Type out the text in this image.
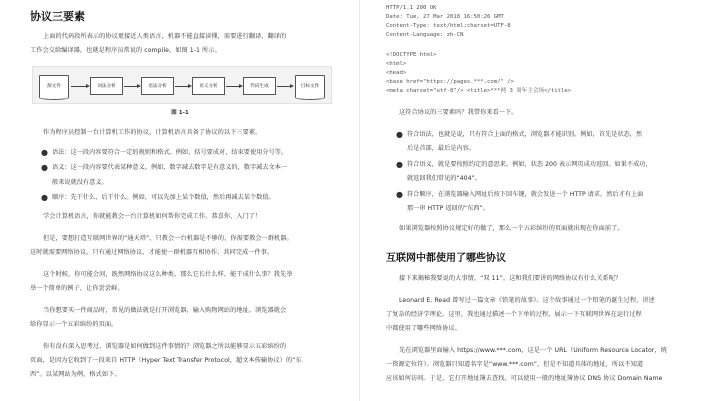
协议三要素
上面的代码段所表示的协议更接近人类语言，机器不能直接读懂，需要进行翻译，翻译的
工作会交给编译器，也就是程序员常说的 compile，如图 1-1 所示。
源文件	词法分析	语法分析	语义分析	代码生成	目标文件
图 1-1
作为程序员控制一台计算机工作的协议，计算机语言具备了协议的以下三要素。
● 语法：这一段内容要符合一定的规则和格式。例如，括号要成对，结束要使用分号等。
● 语义：这一段内容要代表某种意义。例如，数字减去数字是有意义的，数字减去文本一
般来说就没有意义。
● 顺序：先干什么、后干什么。例如，可以先加上某个数值，然后再减去某个数值。
学会计算机语言，你就能教会一台计算机如何帮你完成工作。恭喜你，入门了！
但是，要想打造互联网世界的“通天塔”，只教会一台机器是不够的，你需要教会一群机器。
这时就需要网络协议。只有通过网络协议，才能使一群机器互相协作、共同完成一件事。
这个时候，你可能会问，既然网络协议这么种类，那么它长什么样，能干成什么事？我先举
举一个简单的例子，让你尝尝鲜。
当你想要买一件商品时，常见的做法就是打开浏览器，输入购物网站的地址。浏览器就会
给你显示一个五彩缤纷的页面。
你有没有深入思考过，浏览器是如何做到这件事情的？浏览器之所以能够显示五彩缤纷的
页面，是因为它收到了一段来自 HTTP（Hyper Text Transfer Protocol，超文本传输协议）的“东
西”。以某网站为例，格式如下。
HTTP/1.1 200 OK
Date: Tue, 27 Mar 2018 16:50:26 GMT
Content-Type: text/html;charset=UTF-8
Content-Language: zh-CN
<!DOCTYPE html>
<html>
<head>
<base href="https://pages.***.com/" />
<meta charset="utf-8"/> <title>***网 3 周年主会场</title>
这符合协议的三要素吗？我带你来看一下。
● 符合语法，也就是说，只有符合上面的格式，浏览器才能识别。例如，首先是状态，然
后是首部，最后是内容。
● 符合语义，就是要按照约定的意思来。例如，状态 200 表示网页成功返回。如果不成功，
就返回我们常见的“404”。
● 符合顺序，在浏览器输入网址后按下回车键，就会发送一个 HTTP 请求，然后才有上面
那一串 HTTP 返回的“东西”。
如果浏览器按照协议规定好的做了，那么一个五彩缤纷的页面就出现在你面前了。
互联网中都使用了哪些协议
接下来揭秘我要说的大事情，“双 11”。这和我们要讲的网络协议有什么关系呢？
Leonard E. Read 曾写过一篇文章《铅笔的故事》。这个故事通过一个铅笔的诞生过程，讲述
了复杂的经济学理论。这里，我也通过描述一个下单的过程，展示一下互联网世界在运行过程
中都使用了哪些网络协议。
先在浏览器里面输入 https://www.***.com，这是一个 URL（Uniform Resource Locator，统
一资源定位符）。浏览器只知道名字是“www.***.com”，但是不知道具体的地址，所以不知道
应该如何访问。于是，它打开地址簿去查找。可以使用一般的地址簿协议 DNS 协议 Domain Name
